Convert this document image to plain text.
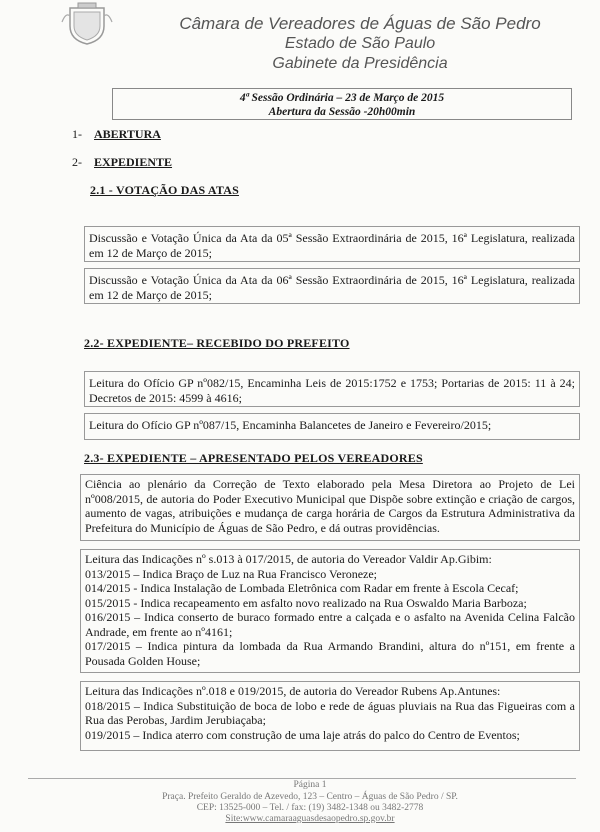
Câmara de Vereadores de Águas de São Pedro
Estado de São Paulo
Gabinete da Presidência
4ª Sessão Ordinária – 23 de Março de 2015
Abertura da Sessão -20h00min
1- ABERTURA
2- EXPEDIENTE
2.1 - VOTAÇÃO DAS ATAS

Discussão e Votação Única da Ata da 05ª Sessão Extraordinária de 2015, 16ª Legislatura, realizada em 12 de Março de 2015;

Discussão e Votação Única da Ata da 06ª Sessão Extraordinária de 2015, 16ª Legislatura, realizada em 12 de Março de 2015;

2.2- EXPEDIENTE– RECEBIDO DO PREFEITO

Leitura do Ofício GP nº082/15, Encaminha Leis de 2015:1752 e 1753; Portarias de 2015: 11 à 24; Decretos de 2015: 4599 à 4616;

Leitura do Ofício GP nº087/15, Encaminha Balancetes de Janeiro e Fevereiro/2015;

2.3- EXPEDIENTE – APRESENTADO PELOS VEREADORES

Ciência ao plenário da Correção de Texto elaborado pela Mesa Diretora ao Projeto de Lei nº008/2015, de autoria do Poder Executivo Municipal que Dispõe sobre extinção e criação de cargos, aumento de vagas, atribuições e mudança de carga horária de Cargos da Estrutura Administrativa da Prefeitura do Município de Águas de São Pedro, e dá outras providências.

Leitura das Indicações nº s.013 à 017/2015, de autoria do Vereador Valdir Ap.Gibim:

013/2015 – Indica Braço de Luz na Rua Francisco Veroneze;

014/2015 - Indica Instalação de Lombada Eletrônica com Radar em frente à Escola Cecaf;

015/2015 - Indica recapeamento em asfalto novo realizado na Rua Oswaldo Maria Barboza;

016/2015 – Indica conserto de buraco formado entre a calçada e o asfalto na Avenida Celina Falcão Andrade, em frente ao nº4161;

017/2015 – Indica pintura da lombada da Rua Armando Brandini, altura do nº151, em frente a Pousada Golden House;

Leitura das Indicações nº.018 e 019/2015, de autoria do Vereador Rubens Ap.Antunes:

018/2015 – Indica Substituição de boca de lobo e rede de águas pluviais na Rua das Figueiras com a Rua das Perobas, Jardim Jerubiaçaba;

019/2015 – Indica aterro com construção de uma laje atrás do palco do Centro de Eventos;

Página 1
Praça. Prefeito Geraldo de Azevedo, 123 – Centro – Águas de São Pedro / SP.
CEP: 13525-000 – Tel. / fax: (19) 3482-1348 ou 3482-2778
Site:www.camaraaguasdesaopedro.sp.gov.br
